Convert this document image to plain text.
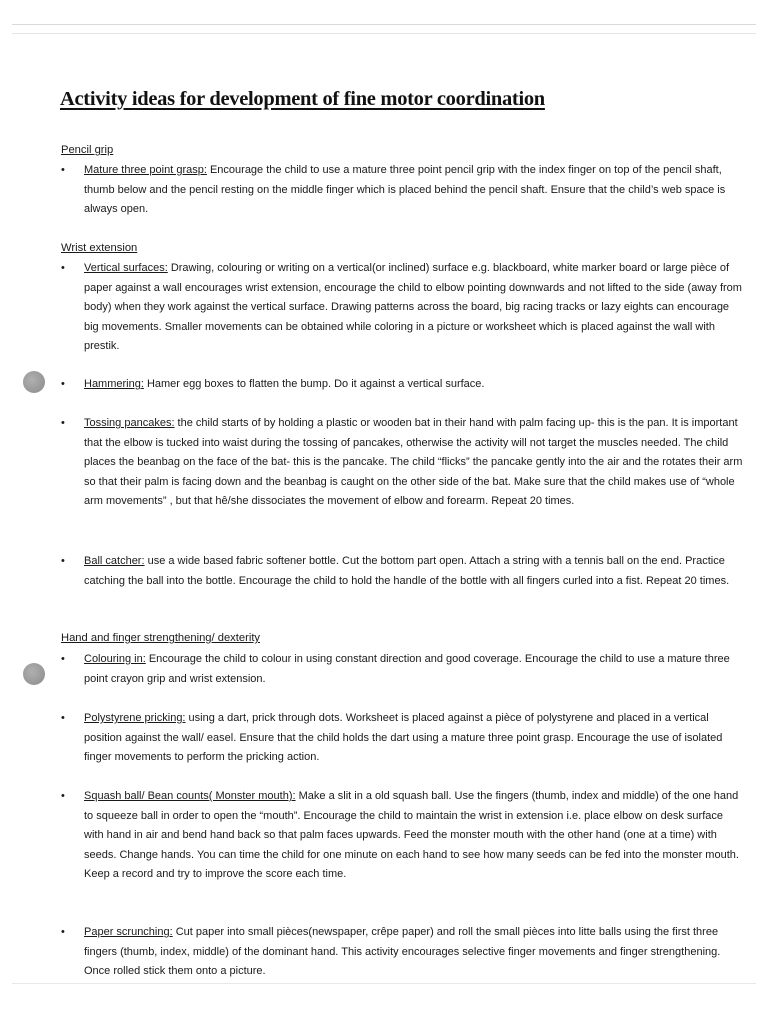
Activity ideas for development of fine motor coordination
Pencil grip
• Mature three point grasp: Encourage the child to use a mature three point pencil grip with the index finger on top of the pencil shaft, thumb below and the pencil resting on the middle finger which is placed behind the pencil shaft. Ensure that the child’s web space is always open.

Wrist extension
• Vertical surfaces: Drawing, colouring or writing on a vertical(or inclined) surface e.g. blackboard, white marker board or large pièce of paper against a wall encourages wrist extension, encourage the child to elbow pointing downwards and not lifted to the side (away from body) when they work against the vertical surface. Drawing patterns across the board, big racing tracks or lazy eights can encourage big movements. Smaller movements can be obtained while coloring in a picture or worksheet which is placed against the wall with prestik.

• Hammering: Hamer egg boxes to flatten the bump. Do it against a vertical surface.

• Tossing pancakes: the child starts of by holding a plastic or wooden bat in their hand with palm facing up- this is the pan. It is important that the elbow is tucked into waist during the tossing of pancakes, otherwise the activity will not target the muscles needed. The child places the beanbag on the face of the bat- this is the pancake. The child “flicks” the pancake gently into the air and the rotates their arm so that their palm is facing down and the beanbag is caught on the other side of the bat. Make sure that the child makes use of “whole arm movements” , but that hê/she dissociates the movement of elbow and forearm. Repeat 20 times.

• Ball catcher: use a wide based fabric softener bottle. Cut the bottom part open. Attach a string with a tennis ball on the end. Practice catching the ball into the bottle. Encourage the child to hold the handle of the bottle with all fingers curled into a fist. Repeat 20 times.

Hand and finger strengthening/ dexterity
• Colouring in: Encourage the child to colour in using constant direction and good coverage. Encourage the child to use a mature three point crayon grip and wrist extension.

• Polystyrene pricking: using a dart, prick through dots. Worksheet is placed against a pièce of polystyrene and placed in a vertical position against the wall/ easel. Ensure that the child holds the dart using a mature three point grasp. Encourage the use of isolated finger movements to perform the pricking action.

• Squash ball/ Bean counts( Monster mouth): Make a slit in a old squash ball. Use the fingers (thumb, index and middle) of the one hand to squeeze ball in order to open the “mouth”. Encourage the child to maintain the wrist in extension i.e. place elbow on desk surface with hand in air and bend hand back so that palm faces upwards. Feed the monster mouth with the other hand (one at a time) with seeds. Change hands. You can time the child for one minute on each hand to see how many seeds can be fed into the monster mouth. Keep a record and try to improve the score each time.

• Paper scrunching: Cut paper into small pièces(newspaper, crêpe paper) and roll the small pièces into litte balls using the first three fingers (thumb, index, middle) of the dominant hand. This activity encourages selective finger movements and finger strengthening. Once rolled stick them onto a picture.
